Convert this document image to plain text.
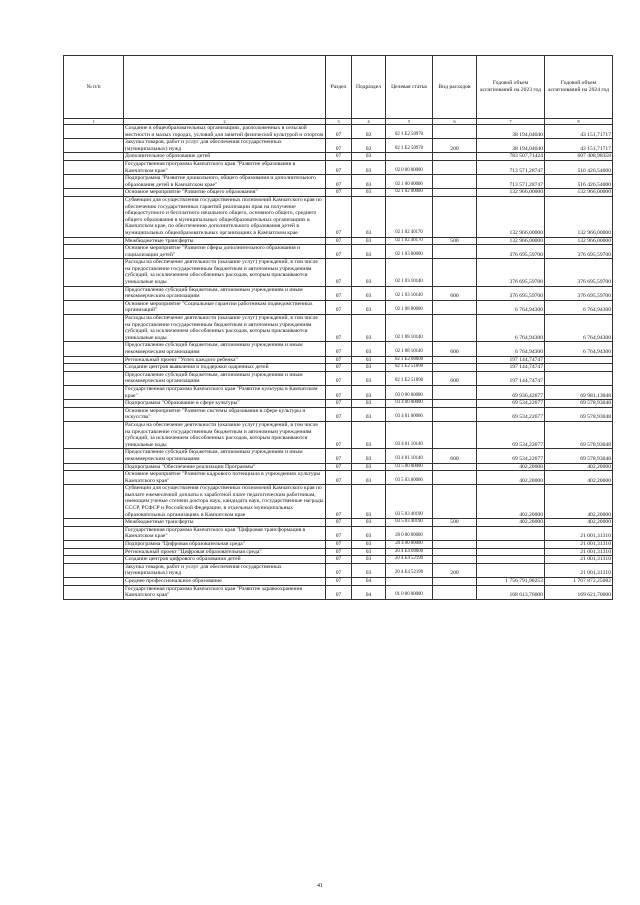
№ п/п		Раздел	Подраздел	Целевая статья	Вид расходов	Годовой объем ассигнований на 2023 год	Годовой объем ассигнований на 2024 год
1	2	3	4	5	6	7	8
	Создание в общеобразовательных организациях, расположенных в сельской местности и малых городах, условий для занятий физической культурой и спортом	07	02	02 1 E2 50970		38 194,04040	43 151,71717
	Закупка товаров, работ и услуг для обеспечения государственных (муниципальных) нужд	07	02	02 1 E2 50970	200	38 194,04040	43 151,71717
	Дополнительное образование детей	07	03			783 507,71424	607 408,98358
	Государственная программа Камчатского края "Развитие образования в Камчатском крае"	07	03	02 0 00 00000		713 571,28747	516 426,54000
	Подпрограмма "Развитие дошкольного, общего образования и дополнительного образования детей в Камчатском крае"	07	03	02 1 00 00000		713 571,28747	516 426,54000
	Основное мероприятие "Развитие общего образования"	07	03	02 1 02 00000		132 966,00000	132 966,00000
	Субвенции для осуществления государственных полномочий Камчатского края по обеспечению государственных гарантий реализации прав на получение общедоступного и бесплатного начального общего, основного общего, среднего общего образования в муниципальных общеобразовательных организациях в Камчатском крае, по обеспечению дополнительного образования детей в муниципальных общеобразовательных организациях в Камчатском крае	07	03	02 1 02 40170		132 966,00000	132 966,00000
	Межбюджетные трансферты	07	03	02 1 02 40170	500	132 966,00000	132 966,00000
	Основное мероприятие "Развитие сферы дополнительного образования и социализации детей"	07	03	02 1 03 00000		376 695,59700	376 695,59700
	Расходы на обеспечение деятельности (оказание услуг) учреждений, в том числе на предоставление государственным бюджетным и автономным учреждениям субсидий, за исключением обособленных расходов, которым присваиваются уникальные коды	07	03	02 1 03 10140		376 695,59700	376 695,59700
	Предоставление субсидий бюджетным, автономным учреждениям и иным некоммерческим организациям	07	03	02 1 03 10140	600	376 695,59700	376 695,59700
	Основное мероприятие "Социальные гарантии работникам подведомственных организаций"	07	03	02 1 08 00000		6 764,94300	6 764,94300
	Расходы на обеспечение деятельности (оказание услуг) учреждений, в том числе на предоставление государственным бюджетным и автономным учреждениям субсидий, за исключением обособленных расходов, которым присваиваются уникальные коды	07	03	02 1 08 10140		6 764,94300	6 764,94300
	Предоставление субсидий бюджетным, автономным учреждениям и иным некоммерческим организациям	07	03	02 1 08 10140	600	6 764,94300	6 764,94300
	Региональный проект "Успех каждого ребенка"	07	03	02 1 E2 00000		197 144,74747	
	Создание центров выявления и поддержки одаренных детей	07	03	02 1 E2 51890		197 144,74747	
	Предоставление субсидий бюджетным, автономным учреждениям и иным некоммерческим организациям	07	03	02 1 E2 51890	600	197 144,74747	
	Государственная программа Камчатского края "Развитие культуры в Камчатском крае"	07	03	03 0 00 00000		69 936,42677	69 981,13048
	Подпрограмма "Образование в сфере культуры"	07	03	03 4 00 00000		69 534,22677	69 578,93048
	Основное мероприятие "Развитие системы образования в сфере культуры и искусства"	07	03	03 4 01 00000		69 534,22677	69 578,93048
	Расходы на обеспечение деятельности (оказание услуг) учреждений, в том числе на предоставление государственным бюджетным и автономным учреждениям субсидий, за исключением обособленных расходов, которым присваиваются уникальные коды	07	03	03 4 01 10140		69 534,22677	69 578,93048
	Предоставление субсидий бюджетным, автономным учреждениям и иным некоммерческим организациям	07	03	03 4 01 10140	600	69 534,22677	69 578,93048
	Подпрограмма "Обеспечение реализации Программы"	07	03	03 5 00 00000		402,20000	402,20000
	Основное мероприятие "Развитие кадрового потенциала в учреждениях культуры Камчатского края"	07	03	03 5 03 00000		402,20000	402,20000
	Субвенции для осуществления государственных полномочий Камчатского края по выплате ежемесячной доплаты к заработной плате педагогическим работникам, имеющим ученые степени доктора наук, кандидата наук, государственные награды СССР, РСФСР и Российской Федерации, в отдельных муниципальных образовательных организациях в Камчатском крае	07	03	03 5 03 40190		402,20000	402,20000
	Межбюджетные трансферты	07	03	03 5 03 40190	500	402,20000	402,20000
	Государственная программа Камчатского края "Цифровая трансформация в Камчатском крае"	07	03	20 0 00 00000			21 001,31310
	Подпрограмма "Цифровая образовательная среда"	07	03	20 4 00 00000			21 001,31310
	Региональный проект "Цифровая образовательная среда"	07	03	20 4 E4 00000			21 001,31310
	Создание центров цифрового образования детей	07	03	20 4 E4 52190			21 001,31310
	Закупка товаров, работ и услуг для обеспечения государственных (муниципальных) нужд	07	03	20 4 E4 52190	200		21 001,31310
	Среднее профессиональное образование	07	04			1 756 791,90253	1 767 872,25082
	Государственная программа Камчатского края "Развитие здравоохранения Камчатского края"	07	04	01 0 00 00000		168 613,76000	169 621,70000
41
